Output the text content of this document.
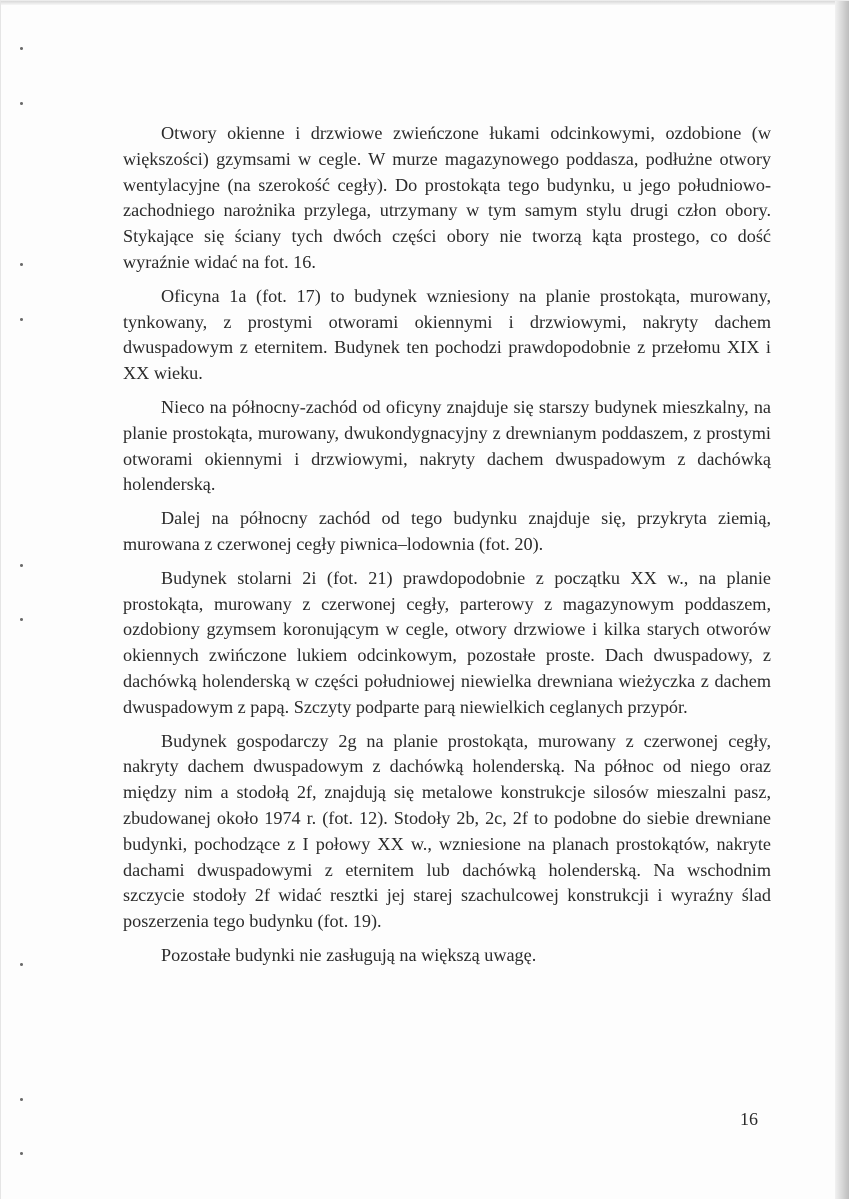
Otwory okienne i drzwiowe zwieńczone łukami odcinkowymi, ozdobione (w większości) gzymsami w cegle. W murze magazynowego poddasza, podłużne otwory wentylacyjne (na szerokość cegły). Do prostokąta tego budynku, u jego południowo-zachodniego narożnika przylega, utrzymany w tym samym stylu drugi człon obory. Stykające się ściany tych dwóch części obory nie tworzą kąta prostego, co dość wyraźnie widać na fot. 16.

Oficyna 1a (fot. 17) to budynek wzniesiony na planie prostokąta, murowany, tynkowany, z prostymi otworami okiennymi i drzwiowymi, nakryty dachem dwuspadowym z eternitem. Budynek ten pochodzi prawdopodobnie z przełomu XIX i XX wieku.

Nieco na północny-zachód od oficyny znajduje się starszy budynek mieszkalny, na planie prostokąta, murowany, dwukondygnacyjny z drewnianym poddaszem, z prostymi otworami okiennymi i drzwiowymi, nakryty dachem dwuspadowym z dachówką holenderską.

Dalej na północny zachód od tego budynku znajduje się, przykryta ziemią, murowana z czerwonej cegły piwnica–lodownia (fot. 20).

Budynek stolarni 2i (fot. 21) prawdopodobnie z początku XX w., na planie prostokąta, murowany z czerwonej cegły, parterowy z magazynowym poddaszem, ozdobiony gzymsem koronującym w cegle, otwory drzwiowe i kilka starych otworów okiennych zwińczone lukiem odcinkowym, pozostałe proste. Dach dwuspadowy, z dachówką holenderską w części południowej niewielka drewniana wieżyczka z dachem dwuspadowym z papą. Szczyty podparte parą niewielkich ceglanych przypór.

Budynek gospodarczy 2g na planie prostokąta, murowany z czerwonej cegły, nakryty dachem dwuspadowym z dachówką holenderską. Na północ od niego oraz między nim a stodołą 2f, znajdują się metalowe konstrukcje silosów mieszalni pasz, zbudowanej około 1974 r. (fot. 12). Stodoły 2b, 2c, 2f to podobne do siebie drewniane budynki, pochodzące z I połowy XX w., wzniesione na planach prostokątów, nakryte dachami dwuspadowymi z eternitem lub dachówką holenderską. Na wschodnim szczycie stodoły 2f widać resztki jej starej szachulcowej konstrukcji i wyraźny ślad poszerzenia tego budynku (fot. 19).

Pozostałe budynki nie zasługują na większą uwagę.

16
